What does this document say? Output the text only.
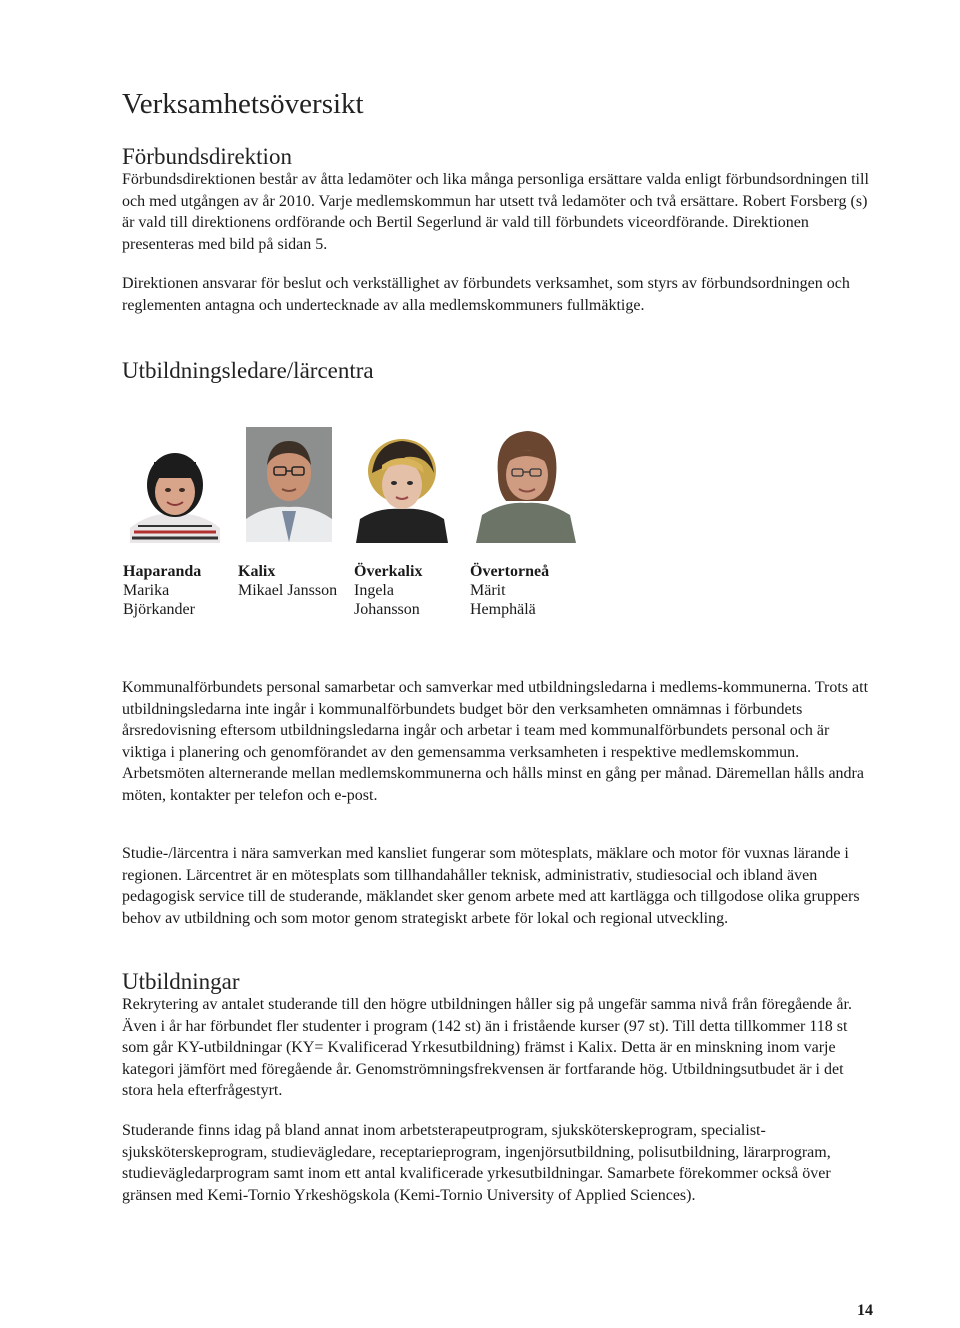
Verksamhetsöversikt
Förbundsdirektion

Förbundsdirektionen består av åtta ledamöter och lika många personliga ersättare valda enligt förbundsordningen till och med utgången av år 2010. Varje medlemskommun har utsett två ledamöter och två ersättare. Robert Forsberg (s) är vald till direktionens ordförande och Bertil Segerlund är vald till förbundets viceordförande. Direktionen presenteras med bild på sidan 5.

Direktionen ansvarar för beslut och verkställighet av förbundets verksamhet, som styrs av förbundsordningen och reglementen antagna och undertecknade av alla medlemskommuners fullmäktige.

Utbildningsledare/lärcentra
Haparanda
Marika Björkander
Kalix
Mikael Jansson
Överkalix
Ingela Johansson
Övertorneå
Märit Hemphälä

Kommunalförbundets personal samarbetar och samverkar med utbildningsledarna i medlems-kommunerna. Trots att utbildningsledarna inte ingår i kommunalförbundets budget bör den verksamheten omnämnas i förbundets årsredovisning eftersom utbildningsledarna ingår och arbetar i team med kommunalförbundets personal och är viktiga i planering och genomförandet av den gemensamma verksamheten i respektive medlemskommun. Arbetsmöten alternerande mellan medlemskommunerna och hålls minst en gång per månad. Däremellan hålls andra möten, kontakter per telefon och e-post.

Studie-/lärcentra i nära samverkan med kansliet fungerar som mötesplats, mäklare och motor för vuxnas lärande i regionen. Lärcentret är en mötesplats som tillhandahåller teknisk, administrativ, studiesocial och ibland även pedagogisk service till de studerande, mäklandet sker genom arbete med att kartlägga och tillgodose olika gruppers behov av utbildning och som motor genom strategiskt arbete för lokal och regional utveckling.

Utbildningar

Rekrytering av antalet studerande till den högre utbildningen håller sig på ungefär samma nivå från föregående år. Även i år har förbundet fler studenter i program (142 st) än i fristående kurser (97 st). Till detta tillkommer 118 st som går KY-utbildningar (KY= Kvalificerad Yrkesutbildning) främst i Kalix. Detta är en minskning inom varje kategori jämfört med föregående år. Genomströmningsfrekvensen är fortfarande hög. Utbildningsutbudet är i det stora hela efterfrågestyrt.

Studerande finns idag på bland annat inom arbetsterapeutprogram, sjuksköterskeprogram, specialist-sjuksköterskeprogram, studievägledare, receptarieprogram, ingenjörsutbildning, polisutbildning, lärarprogram, studievägledarprogram samt inom ett antal kvalificerade yrkesutbildningar. Samarbete förekommer också över gränsen med Kemi-Tornio Yrkeshögskola (Kemi-Tornio University of Applied Sciences).

14
